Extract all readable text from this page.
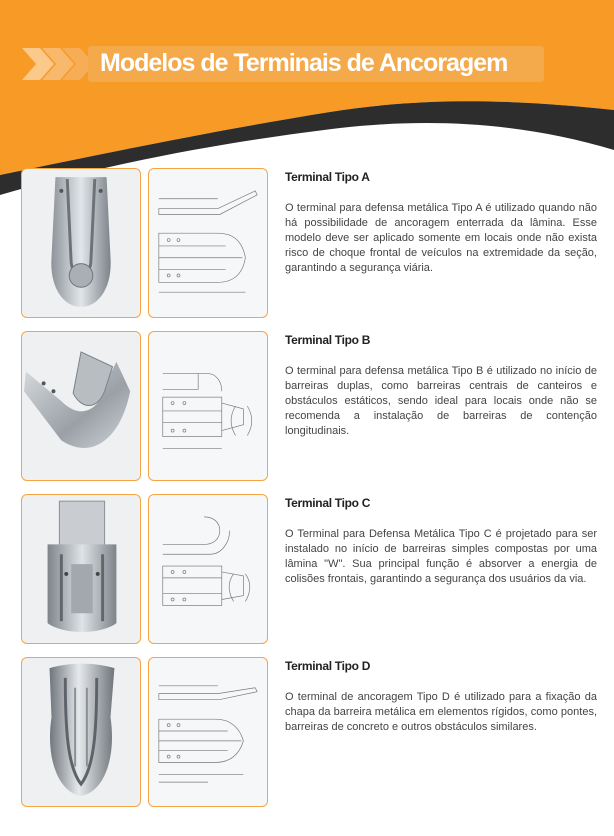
Modelos de Terminais de Ancoragem
Terminal Tipo A
O terminal para defensa metálica Tipo A é utilizado quando não há possibilidade de ancoragem enterrada da lâmina. Esse modelo deve ser aplicado somente em locais onde não exista risco de choque frontal de veículos na extremidade da seção, garantindo a segurança viária.
Terminal Tipo B
O terminal para defensa metálica Tipo B é utilizado no início de barreiras duplas, como barreiras centrais de canteiros e obstáculos estáticos, sendo ideal para locais onde não se recomenda a instalação de barreiras de contenção longitudinais.
Terminal Tipo C
O Terminal para Defensa Metálica Tipo C é projetado para ser instalado no início de barreiras simples compostas por uma lâmina "W". Sua principal função é absorver a energia de colisões frontais, garantindo a segurança dos usuários da via.
Terminal Tipo D
O terminal de ancoragem Tipo D é utilizado para a fixação da chapa da barreira metálica em elementos rígidos, como pontes, barreiras de concreto e outros obstáculos similares.
